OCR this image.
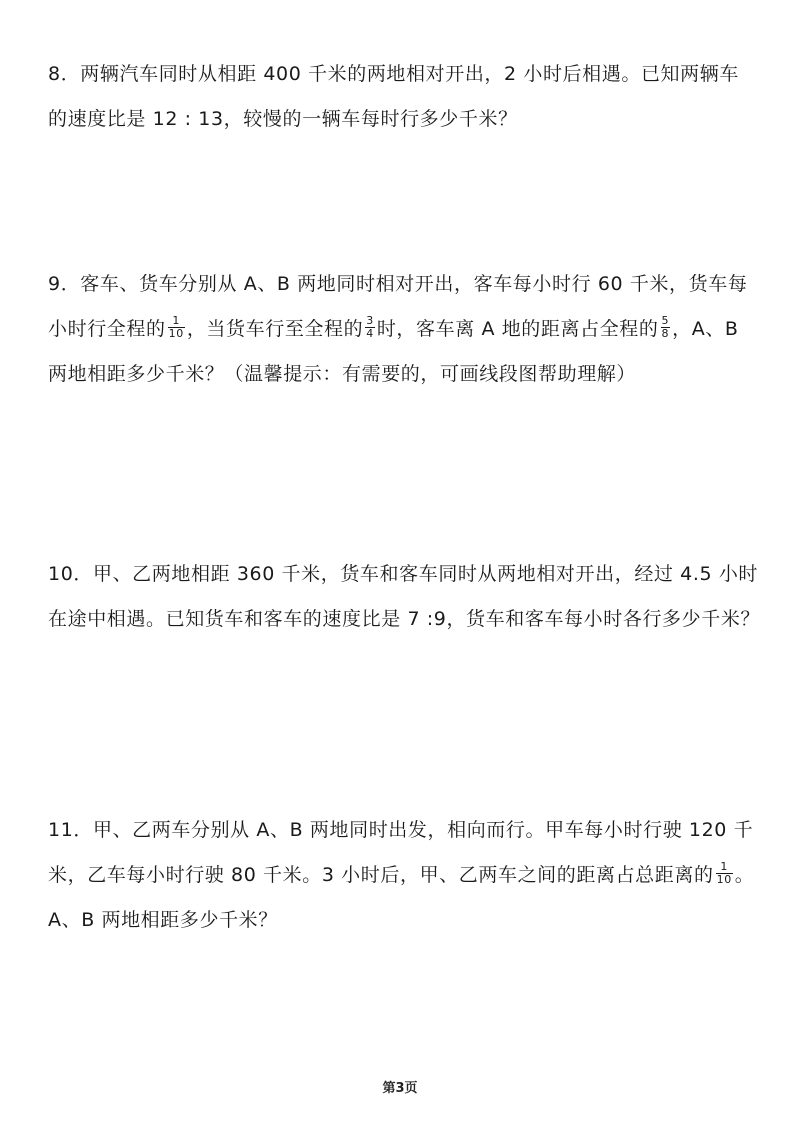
8．两辆汽车同时从相距 400 千米的两地相对开出，2 小时后相遇。已知两辆车
的速度比是 12 : 13，较慢的一辆车每时行多少千米？
9．客车、货车分别从 A、B 两地同时相对开出，客车每小时行 60 千米，货车每
小时行全程的 $\frac{1}{10}$ ，当货车行至全程的 $\frac{3}{4}$ 时，客车离 A 地的距离占全程的 $\frac{5}{8}$ ，A、B
两地相距多少千米？（温馨提示：有需要的，可画线段图帮助理解）
10．甲、乙两地相距 360 千米，货车和客车同时从两地相对开出，经过 4.5 小时
在途中相遇。已知货车和客车的速度比是 7 :9，货车和客车每小时各行多少千米？
11．甲、乙两车分别从 A、B 两地同时出发，相向而行。甲车每小时行驶 120 千
米，乙车每小时行驶 80 千米。3 小时后，甲、乙两车之间的距离占总距离的 $\frac{1}{10}$ 。
A、B 两地相距多少千米？
第3页
